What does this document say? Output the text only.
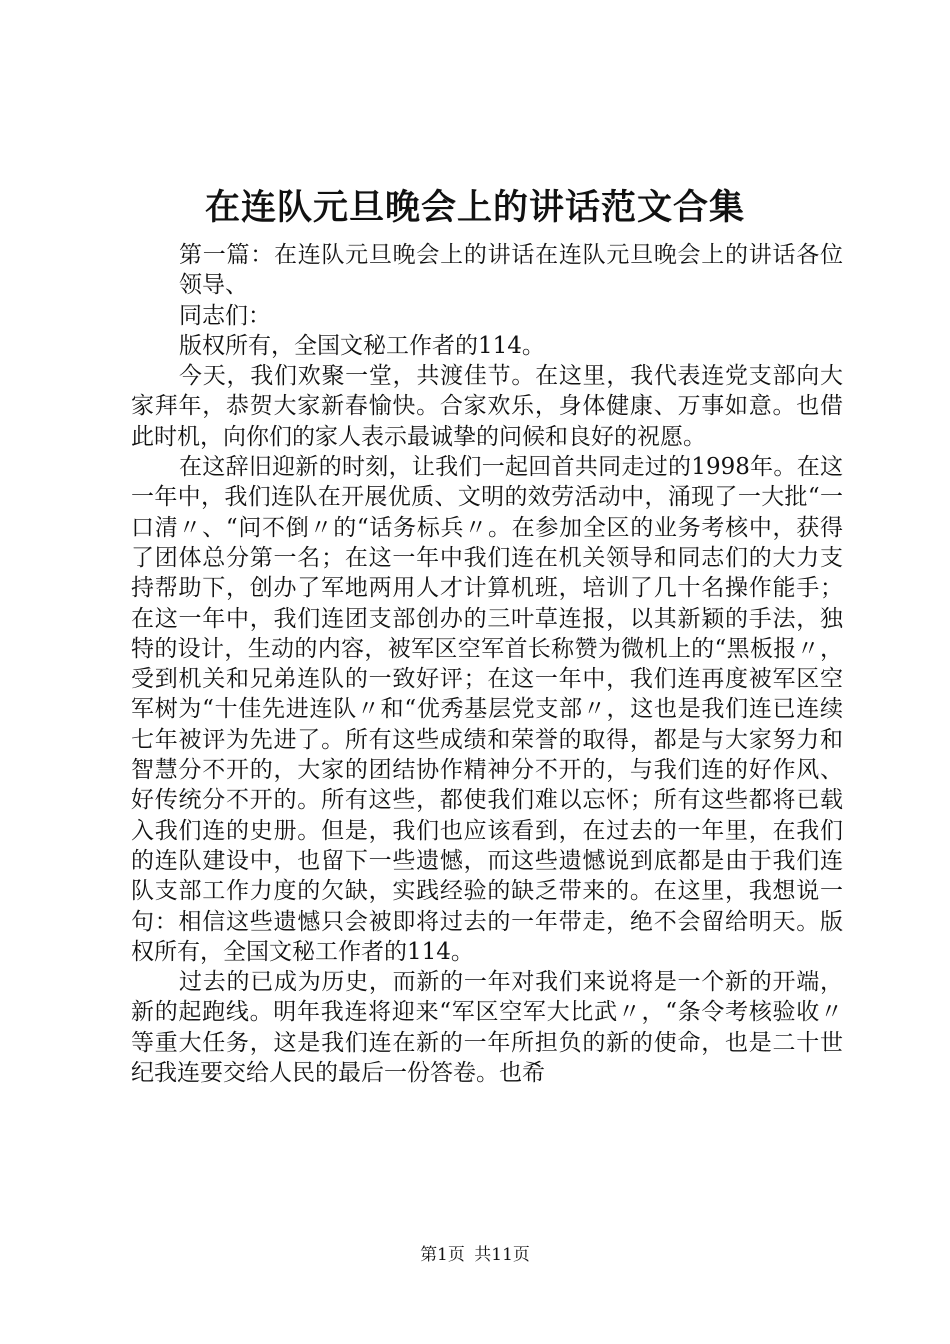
在连队元旦晚会上的讲话范文合集

第一篇：在连队元旦晚会上的讲话在连队元旦晚会上的讲话各位领导、

同志们：

版权所有，全国文秘工作者的114。

今天，我们欢聚一堂，共渡佳节。在这里，我代表连党支部向大家拜年，恭贺大家新春愉快。合家欢乐，身体健康、万事如意。也借此时机，向你们的家人表示最诚挚的问候和良好的祝愿。

在这辞旧迎新的时刻，让我们一起回首共同走过的1998年。在这一年中，我们连队在开展优质、文明的效劳活动中，涌现了一大批“一口清〃、“问不倒〃的“话务标兵〃。在参加全区的业务考核中，获得了团体总分第一名；在这一年中我们连在机关领导和同志们的大力支持帮助下，创办了军地两用人才计算机班，培训了几十名操作能手；在这一年中，我们连团支部创办的三叶草连报，以其新颖的手法，独特的设计，生动的内容，被军区空军首长称赞为微机上的“黑板报〃，受到机关和兄弟连队的一致好评；在这一年中，我们连再度被军区空军树为“十佳先进连队〃和“优秀基层党支部〃，这也是我们连已连续七年被评为先进了。所有这些成绩和荣誉的取得，都是与大家努力和智慧分不开的，大家的团结协作精神分不开的，与我们连的好作风、好传统分不开的。所有这些，都使我们难以忘怀；所有这些都将已载入我们连的史册。但是，我们也应该看到，在过去的一年里，在我们的连队建设中，也留下一些遗憾，而这些遗憾说到底都是由于我们连队支部工作力度的欠缺，实践经验的缺乏带来的。在这里，我想说一句：相信这些遗憾只会被即将过去的一年带走，绝不会留给明天。版权所有，全国文秘工作者的114。

过去的已成为历史，而新的一年对我们来说将是一个新的开端，新的起跑线。明年我连将迎来“军区空军大比武〃，“条令考核验收〃等重大任务，这是我们连在新的一年所担负的新的使命，也是二十世纪我连要交给人民的最后一份答卷。也希

第1页 共11页
